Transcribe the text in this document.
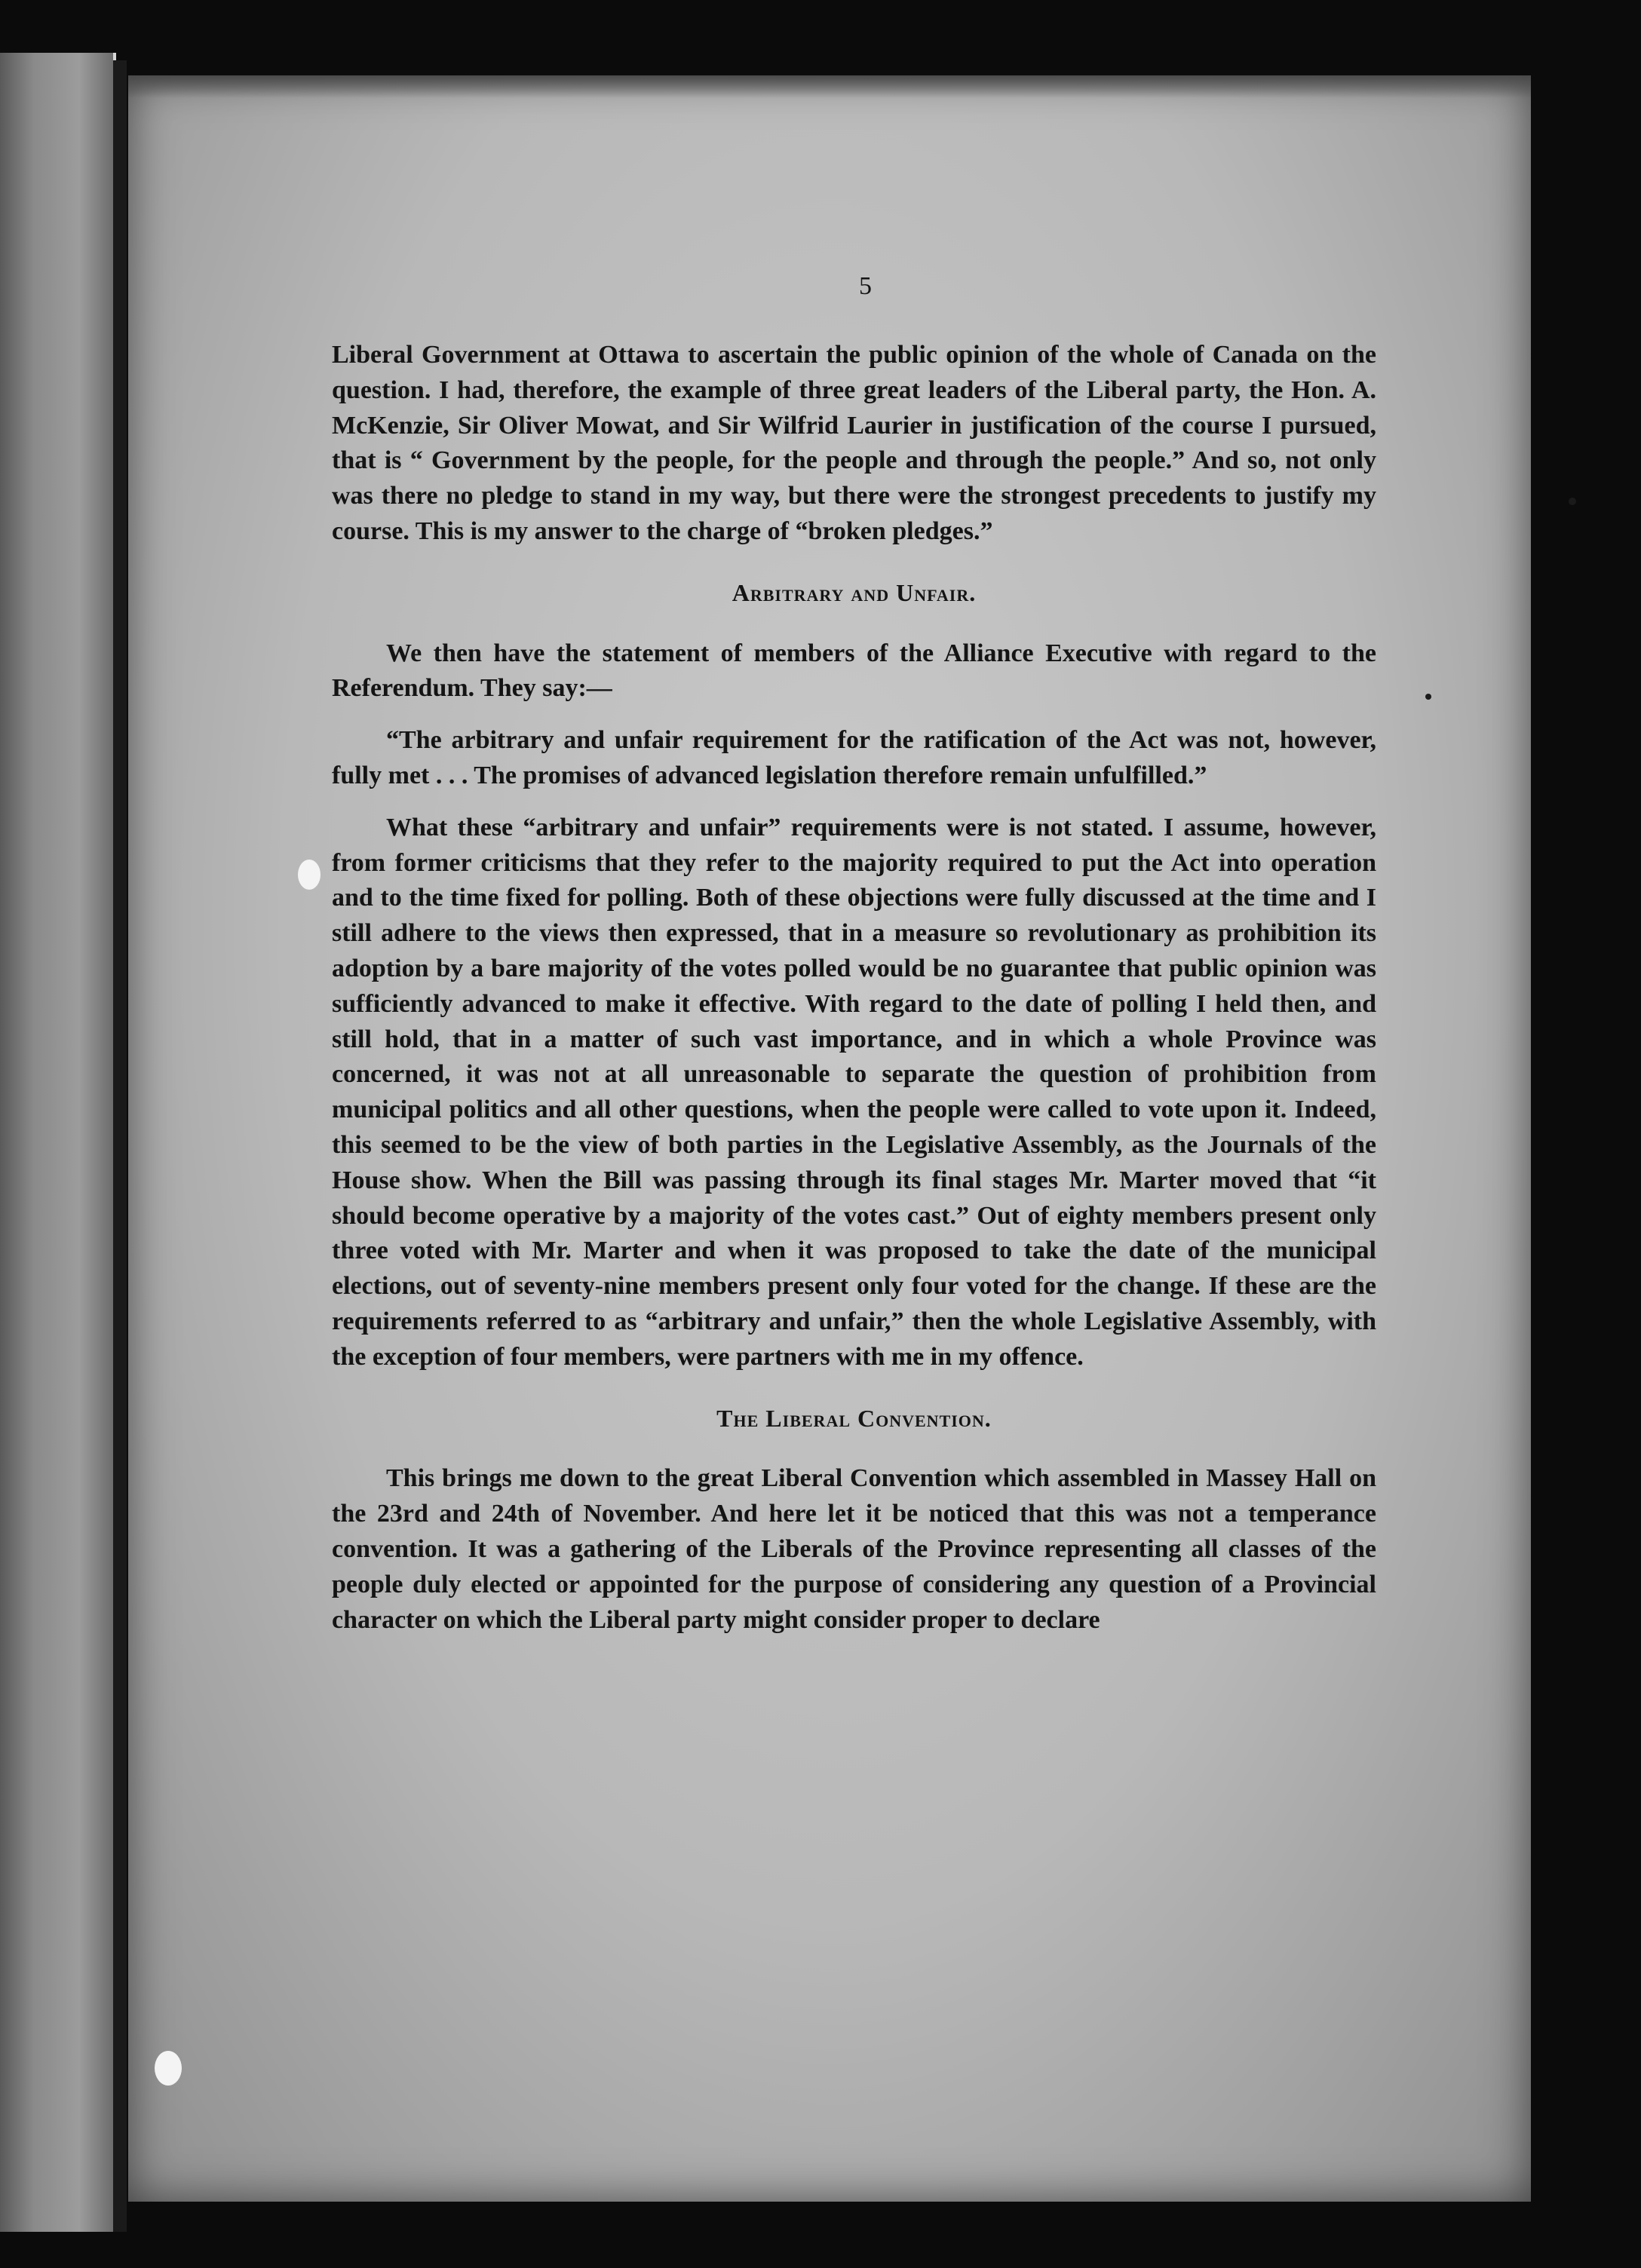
5

Liberal Government at Ottawa to ascertain the public opinion of the whole of Canada on the question. I had, therefore, the example of three great leaders of the Liberal party, the Hon. A. McKenzie, Sir Oliver Mowat, and Sir Wilfrid Laurier in justification of the course I pursued, that is “ Government by the people, for the people and through the people.” And so, not only was there no pledge to stand in my way, but there were the strongest precedents to justify my course. This is my answer to the charge of “broken pledges.”

Arbitrary and Unfair.

We then have the statement of members of the Alliance Executive with regard to the Referendum. They say:—

“The arbitrary and unfair requirement for the ratification of the Act was not, however, fully met . . . The promises of advanced legislation therefore remain unfulfilled.”

What these “arbitrary and unfair” requirements were is not stated. I assume, however, from former criticisms that they refer to the majority required to put the Act into operation and to the time fixed for polling. Both of these objections were fully discussed at the time and I still adhere to the views then expressed, that in a measure so revolutionary as prohibition its adoption by a bare majority of the votes polled would be no guarantee that public opinion was sufficiently advanced to make it effective. With regard to the date of polling I held then, and still hold, that in a matter of such vast importance, and in which a whole Province was concerned, it was not at all unreasonable to separate the question of prohibition from municipal politics and all other questions, when the people were called to vote upon it. Indeed, this seemed to be the view of both parties in the Legislative Assembly, as the Journals of the House show. When the Bill was passing through its final stages Mr. Marter moved that “it should become operative by a majority of the votes cast.” Out of eighty members present only three voted with Mr. Marter and when it was proposed to take the date of the municipal elections, out of seventy-nine members present only four voted for the change. If these are the requirements referred to as “arbitrary and unfair,” then the whole Legislative Assembly, with the exception of four members, were partners with me in my offence.

The Liberal Convention.

This brings me down to the great Liberal Convention which assembled in Massey Hall on the 23rd and 24th of November. And here let it be noticed that this was not a temperance convention. It was a gathering of the Liberals of the Province representing all classes of the people duly elected or appointed for the purpose of considering any question of a Provincial character on which the Liberal party might consider proper to declare
